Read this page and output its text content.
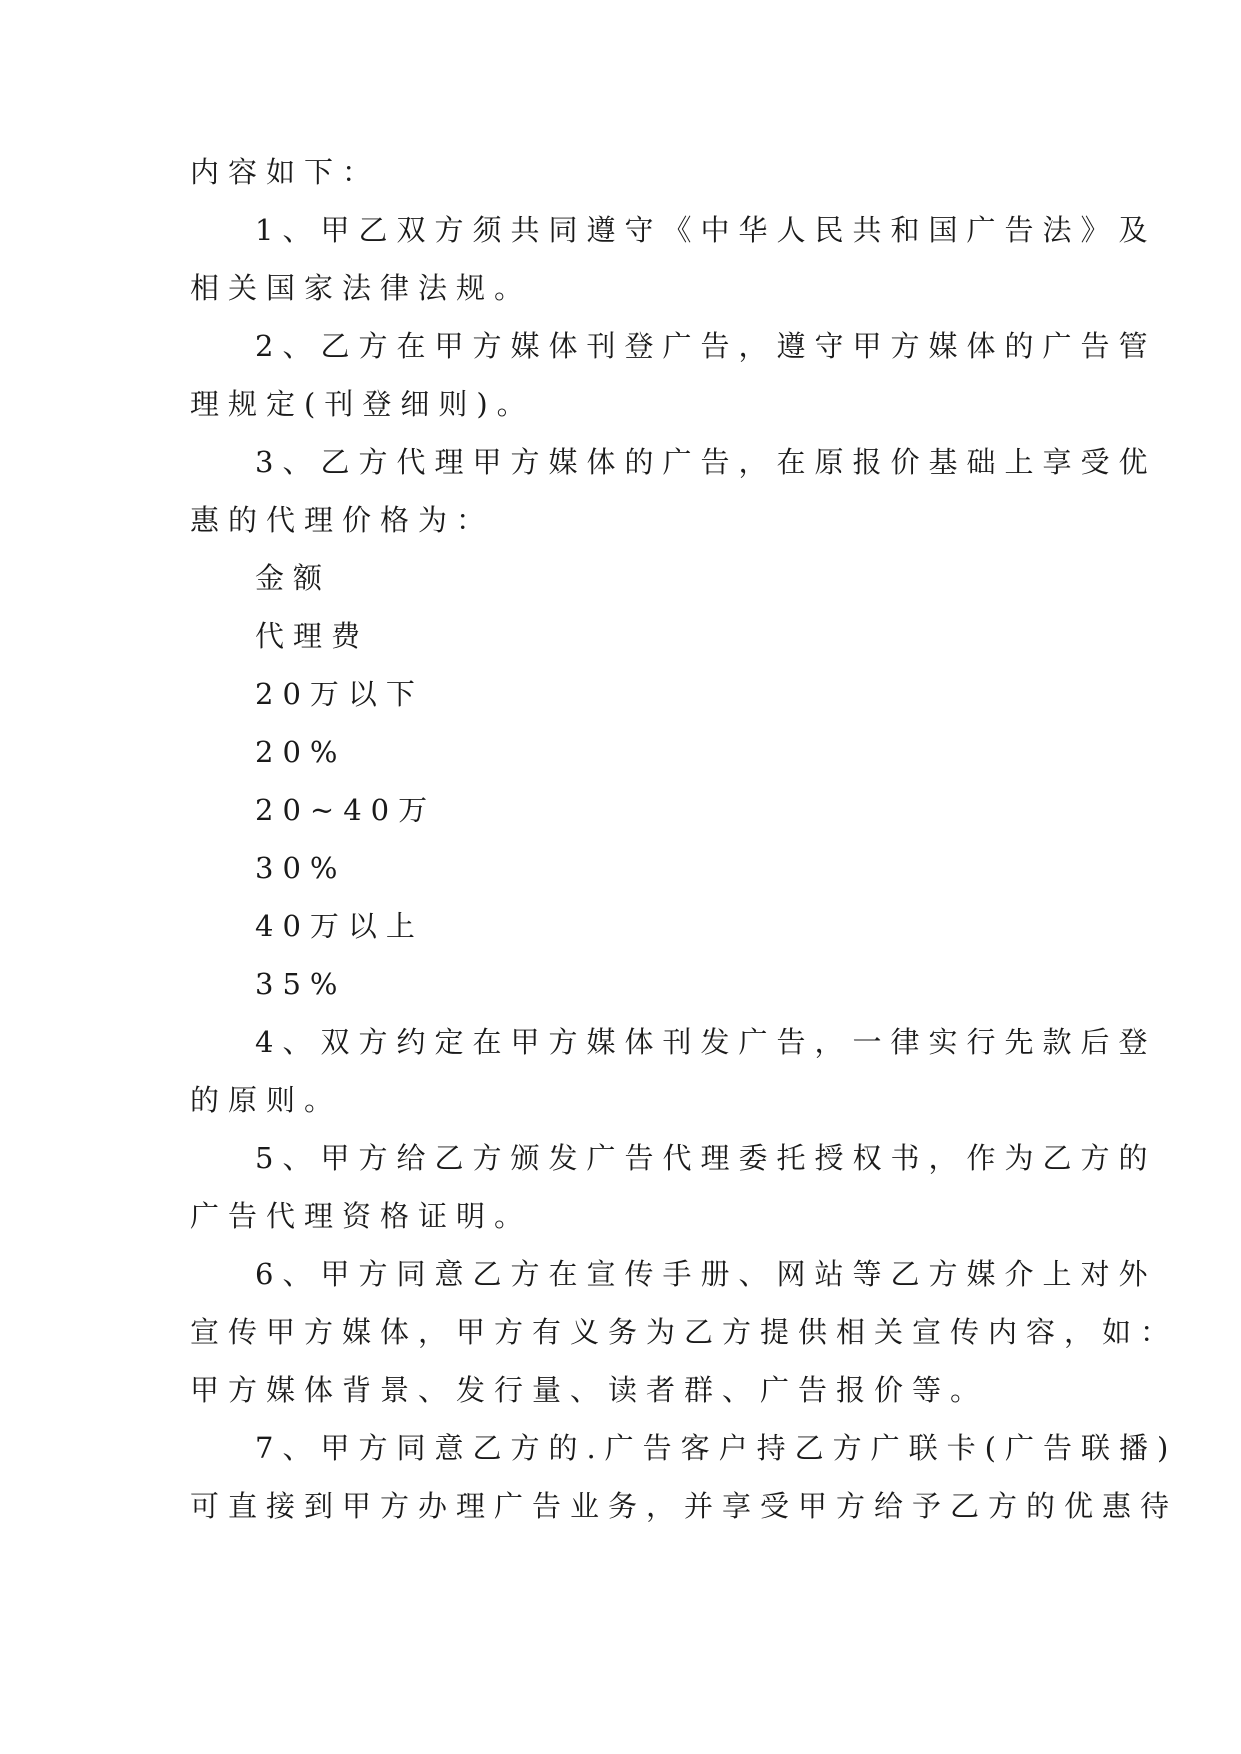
内容如下：
1、甲乙双方须共同遵守《中华人民共和国广告法》及
相关国家法律法规。
2、乙方在甲方媒体刊登广告，遵守甲方媒体的广告管
理规定(刊登细则)。
3、乙方代理甲方媒体的广告，在原报价基础上享受优
惠的代理价格为：
金额
代理费
20万以下
20%
20~40万
30%
40万以上
35%
4、双方约定在甲方媒体刊发广告，一律实行先款后登
的原则。
5、甲方给乙方颁发广告代理委托授权书，作为乙方的
广告代理资格证明。
6、甲方同意乙方在宣传手册、网站等乙方媒介上对外
宣传甲方媒体，甲方有义务为乙方提供相关宣传内容，如：
甲方媒体背景、发行量、读者群、广告报价等。
7、甲方同意乙方的.广告客户持乙方广联卡(广告联播)
可直接到甲方办理广告业务，并享受甲方给予乙方的优惠待
